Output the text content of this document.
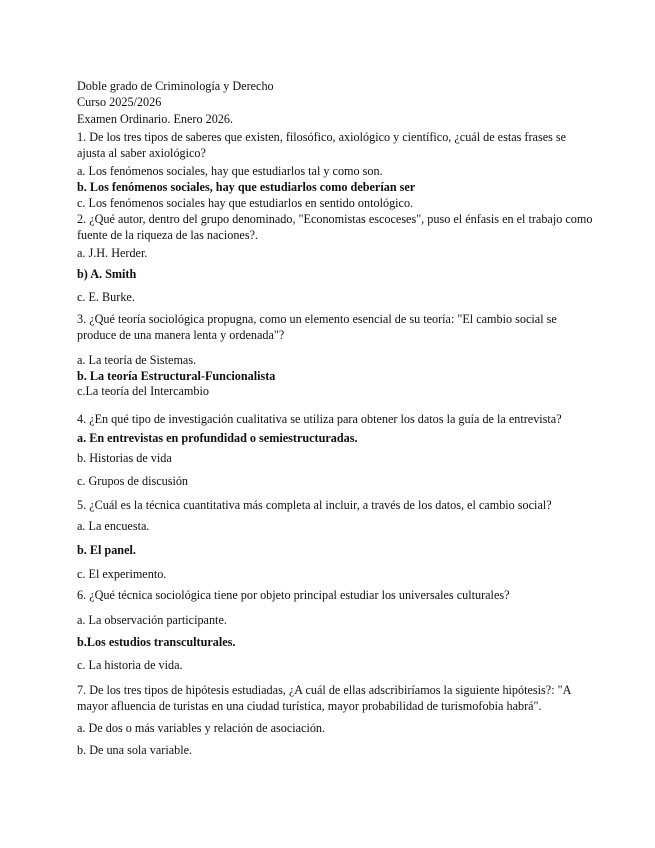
Doble grado de Criminología y Derecho
Curso 2025/2026
Examen Ordinario. Enero 2026.
1. De los tres tipos de saberes que existen, filosófico, axiológico y científico, ¿cuál de estas frases se ajusta al saber axiológico?
a. Los fenómenos sociales, hay que estudiarlos tal y como son.
b. Los fenómenos sociales, hay que estudiarlos como deberían ser
c. Los fenómenos sociales hay que estudiarlos en sentido ontológico.
2. ¿Qué autor, dentro del grupo denominado, "Economistas escoceses", puso el énfasis en el trabajo como fuente de la riqueza de las naciones?.
a. J.H. Herder.
b) A. Smith
c. E. Burke.
3. ¿Qué teoría sociológica propugna, como un elemento esencial de su teoría: "El cambio social se produce de una manera lenta y ordenada"?
a. La teoría de Sistemas.
b. La teoría Estructural-Funcionalista
c.La teoría del Intercambio
4. ¿En qué tipo de investigación cualitativa se utiliza para obtener los datos la guía de la entrevista?
a. En entrevistas en profundidad o semiestructuradas.
b. Historias de vida
c. Grupos de discusión
5. ¿Cuál es la técnica cuantitativa más completa al incluir, a través de los datos, el cambio social?
a. La encuesta.
b. El panel.
c. El experimento.
6. ¿Qué técnica sociológica tiene por objeto principal estudiar los universales culturales?
a. La observación participante.
b.Los estudios transculturales.
c. La historia de vida.
7. De los tres tipos de hipótesis estudiadas, ¿A cuál de ellas adscribiríamos la siguiente hipótesis?: "A mayor afluencia de turistas en una ciudad turística, mayor probabilidad de turismofobia habrá".
a. De dos o más variables y relación de asociación.
b. De una sola variable.
